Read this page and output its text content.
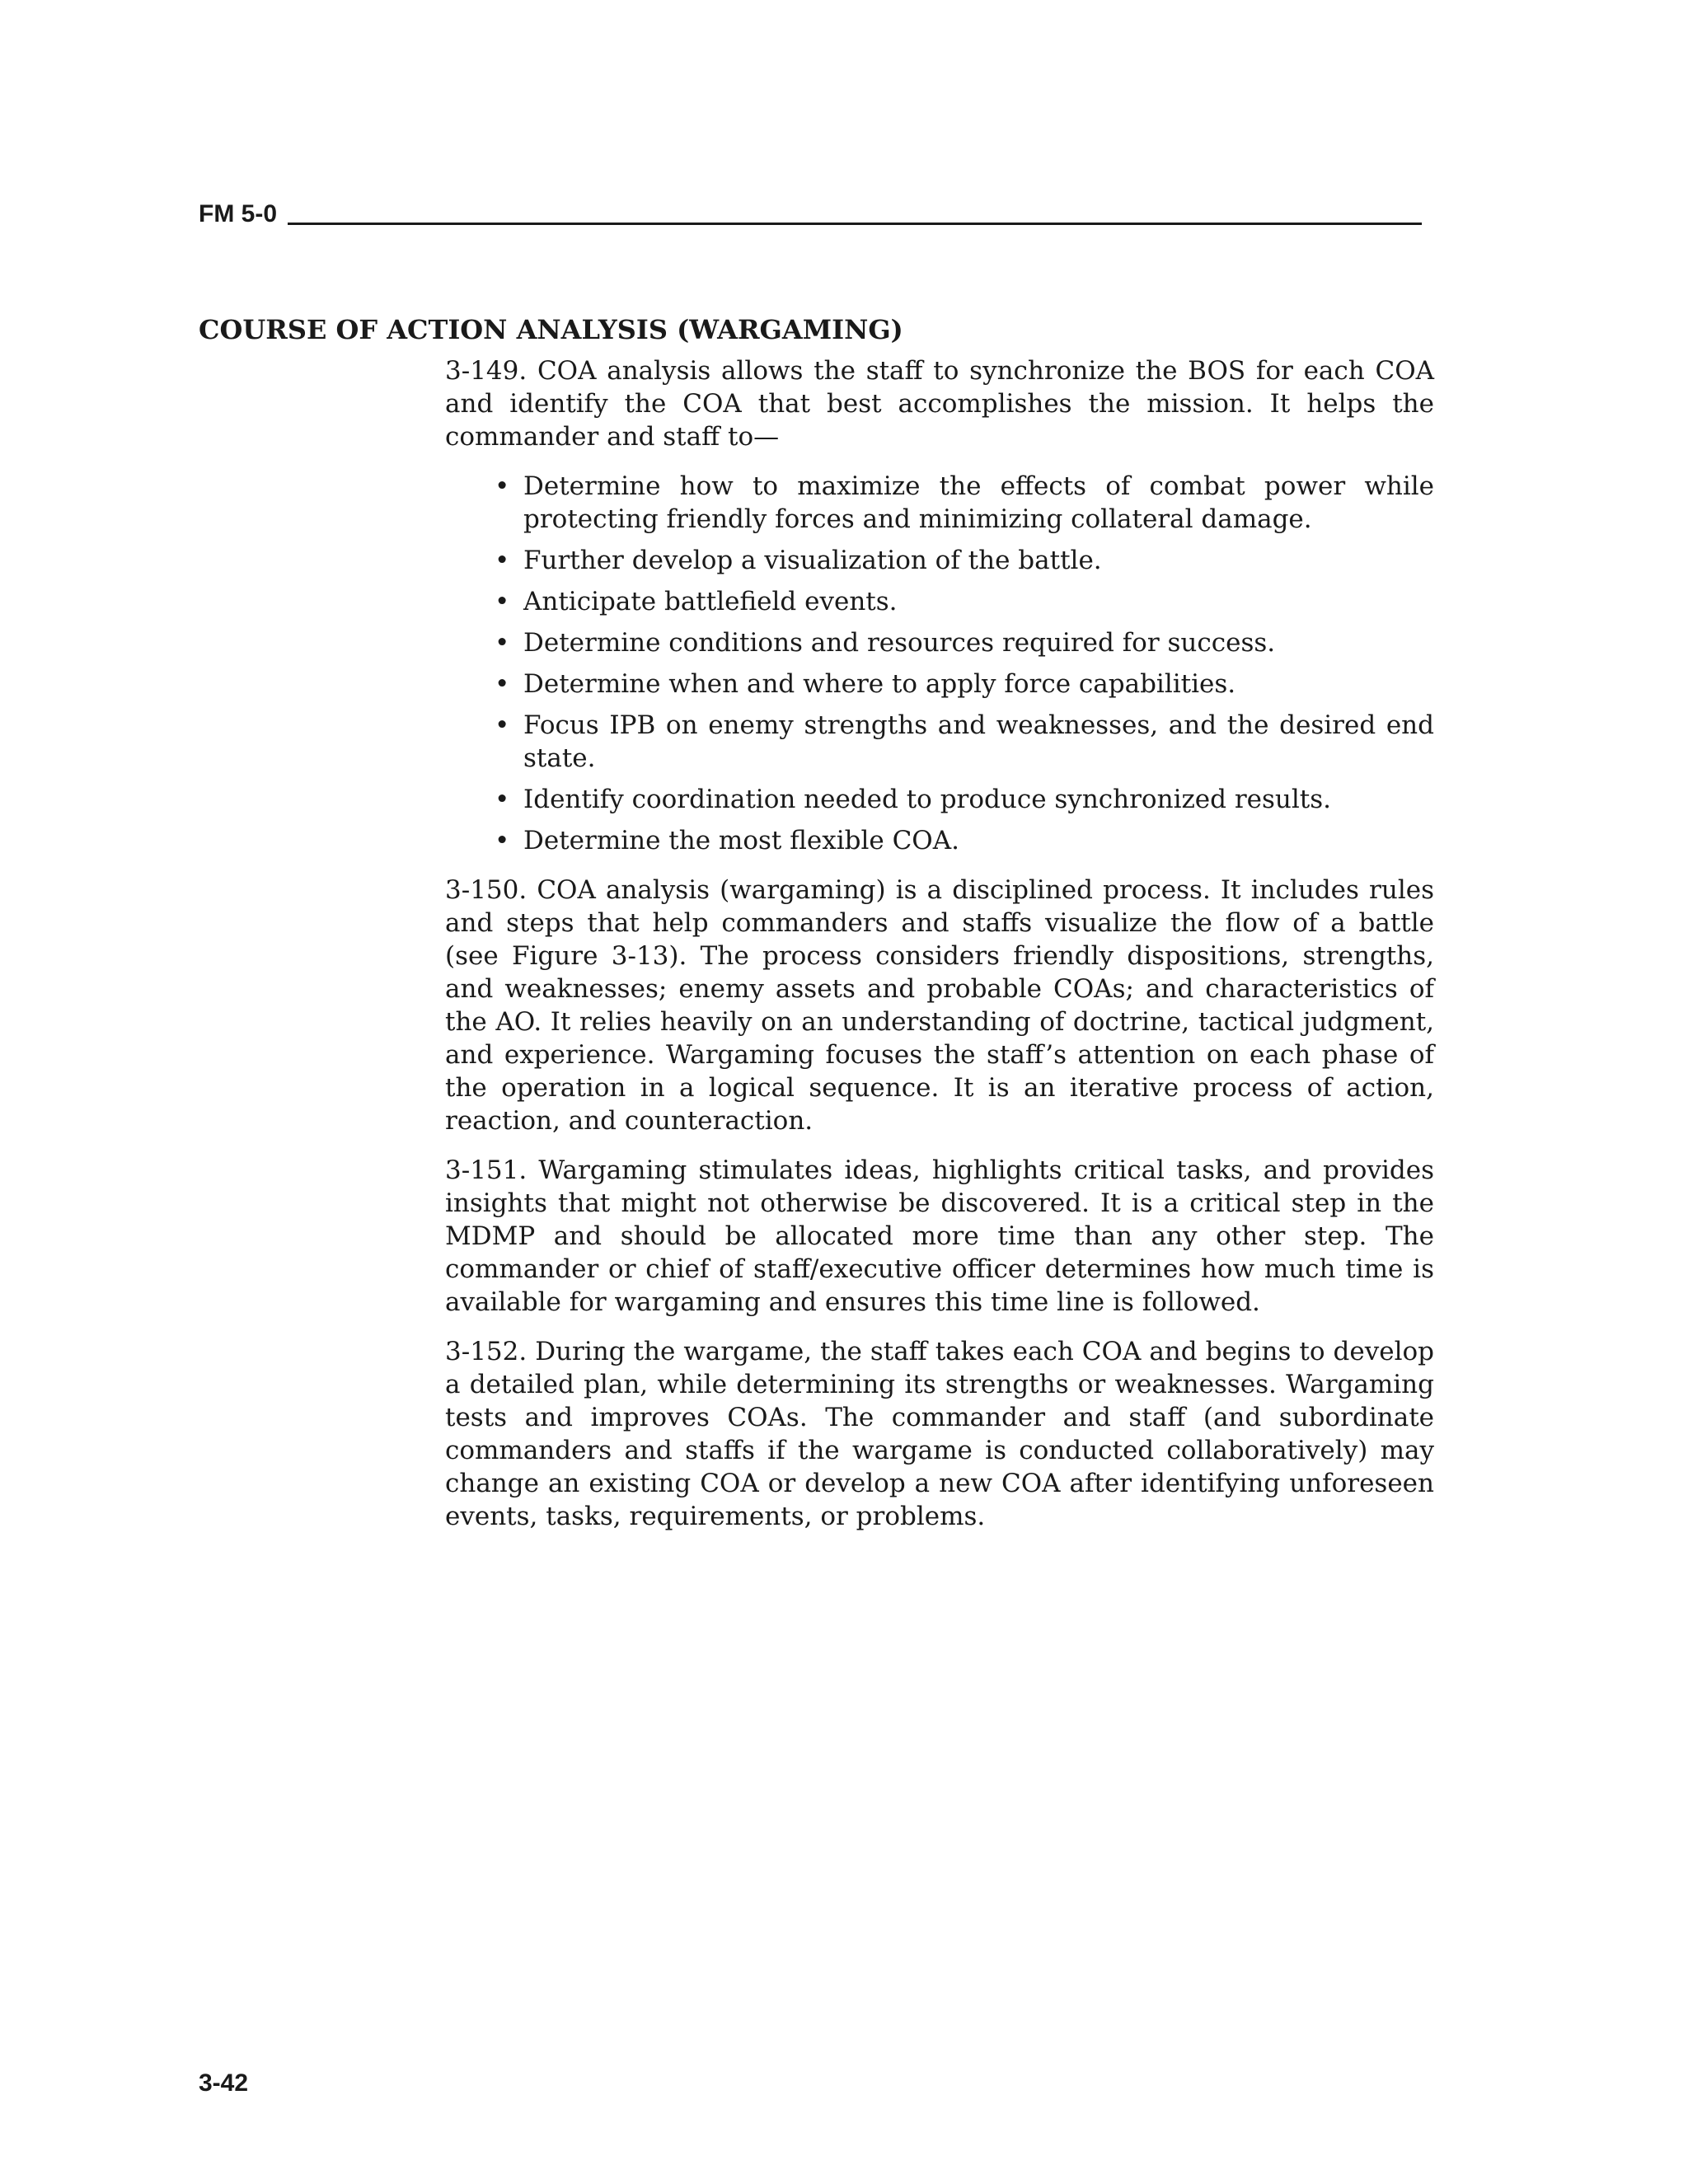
FM 5-0
COURSE OF ACTION ANALYSIS (WARGAMING)

3-149. COA analysis allows the staff to synchronize the BOS for each COA and identify the COA that best accomplishes the mission. It helps the commander and staff to—

• Determine how to maximize the effects of combat power while protecting friendly forces and minimizing collateral damage.
• Further develop a visualization of the battle.
• Anticipate battlefield events.
• Determine conditions and resources required for success.
• Determine when and where to apply force capabilities.
• Focus IPB on enemy strengths and weaknesses, and the desired end state.
• Identify coordination needed to produce synchronized results.
• Determine the most flexible COA.

3-150. COA analysis (wargaming) is a disciplined process. It includes rules and steps that help commanders and staffs visualize the flow of a battle (see Figure 3-13). The process considers friendly dispositions, strengths, and weaknesses; enemy assets and probable COAs; and characteristics of the AO. It relies heavily on an understanding of doctrine, tactical judgment, and experience. Wargaming focuses the staff’s attention on each phase of the operation in a logical sequence. It is an iterative process of action, reaction, and counteraction.

3-151. Wargaming stimulates ideas, highlights critical tasks, and provides insights that might not otherwise be discovered. It is a critical step in the MDMP and should be allocated more time than any other step. The commander or chief of staff/executive officer determines how much time is available for wargaming and ensures this time line is followed.

3-152. During the wargame, the staff takes each COA and begins to develop a detailed plan, while determining its strengths or weaknesses. Wargaming tests and improves COAs. The commander and staff (and subordinate commanders and staffs if the wargame is conducted collaboratively) may change an existing COA or develop a new COA after identifying unforeseen events, tasks, requirements, or problems.

3-42
